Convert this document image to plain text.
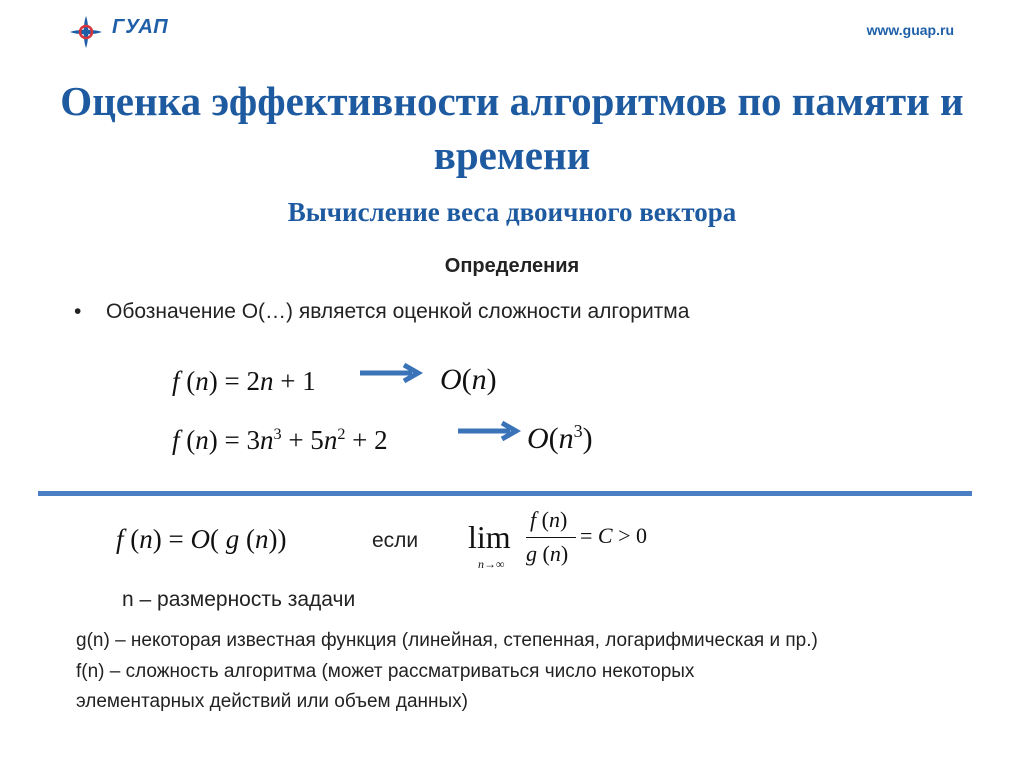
ГУАП	www.guap.ru
Оценка эффективности алгоритмов по памяти и времени
Вычисление веса двоичного вектора
Определения
• Обозначение O(…) является оценкой сложности алгоритма
f (n) = 2n + 1	O(n)
f $(n) = 3n^3 + 5n^2 + 2$	$O(n^3)$
f (n) = O( g (n))	если lim
n→∞
f (n)
g (n)
= C > 0
n – размерность задачи
g(n) – некоторая известная функция (линейная, степенная, логарифмическая и пр.)
f(n) – сложность алгоритма (может рассматриваться число некоторых
элементарных действий или объем данных)
